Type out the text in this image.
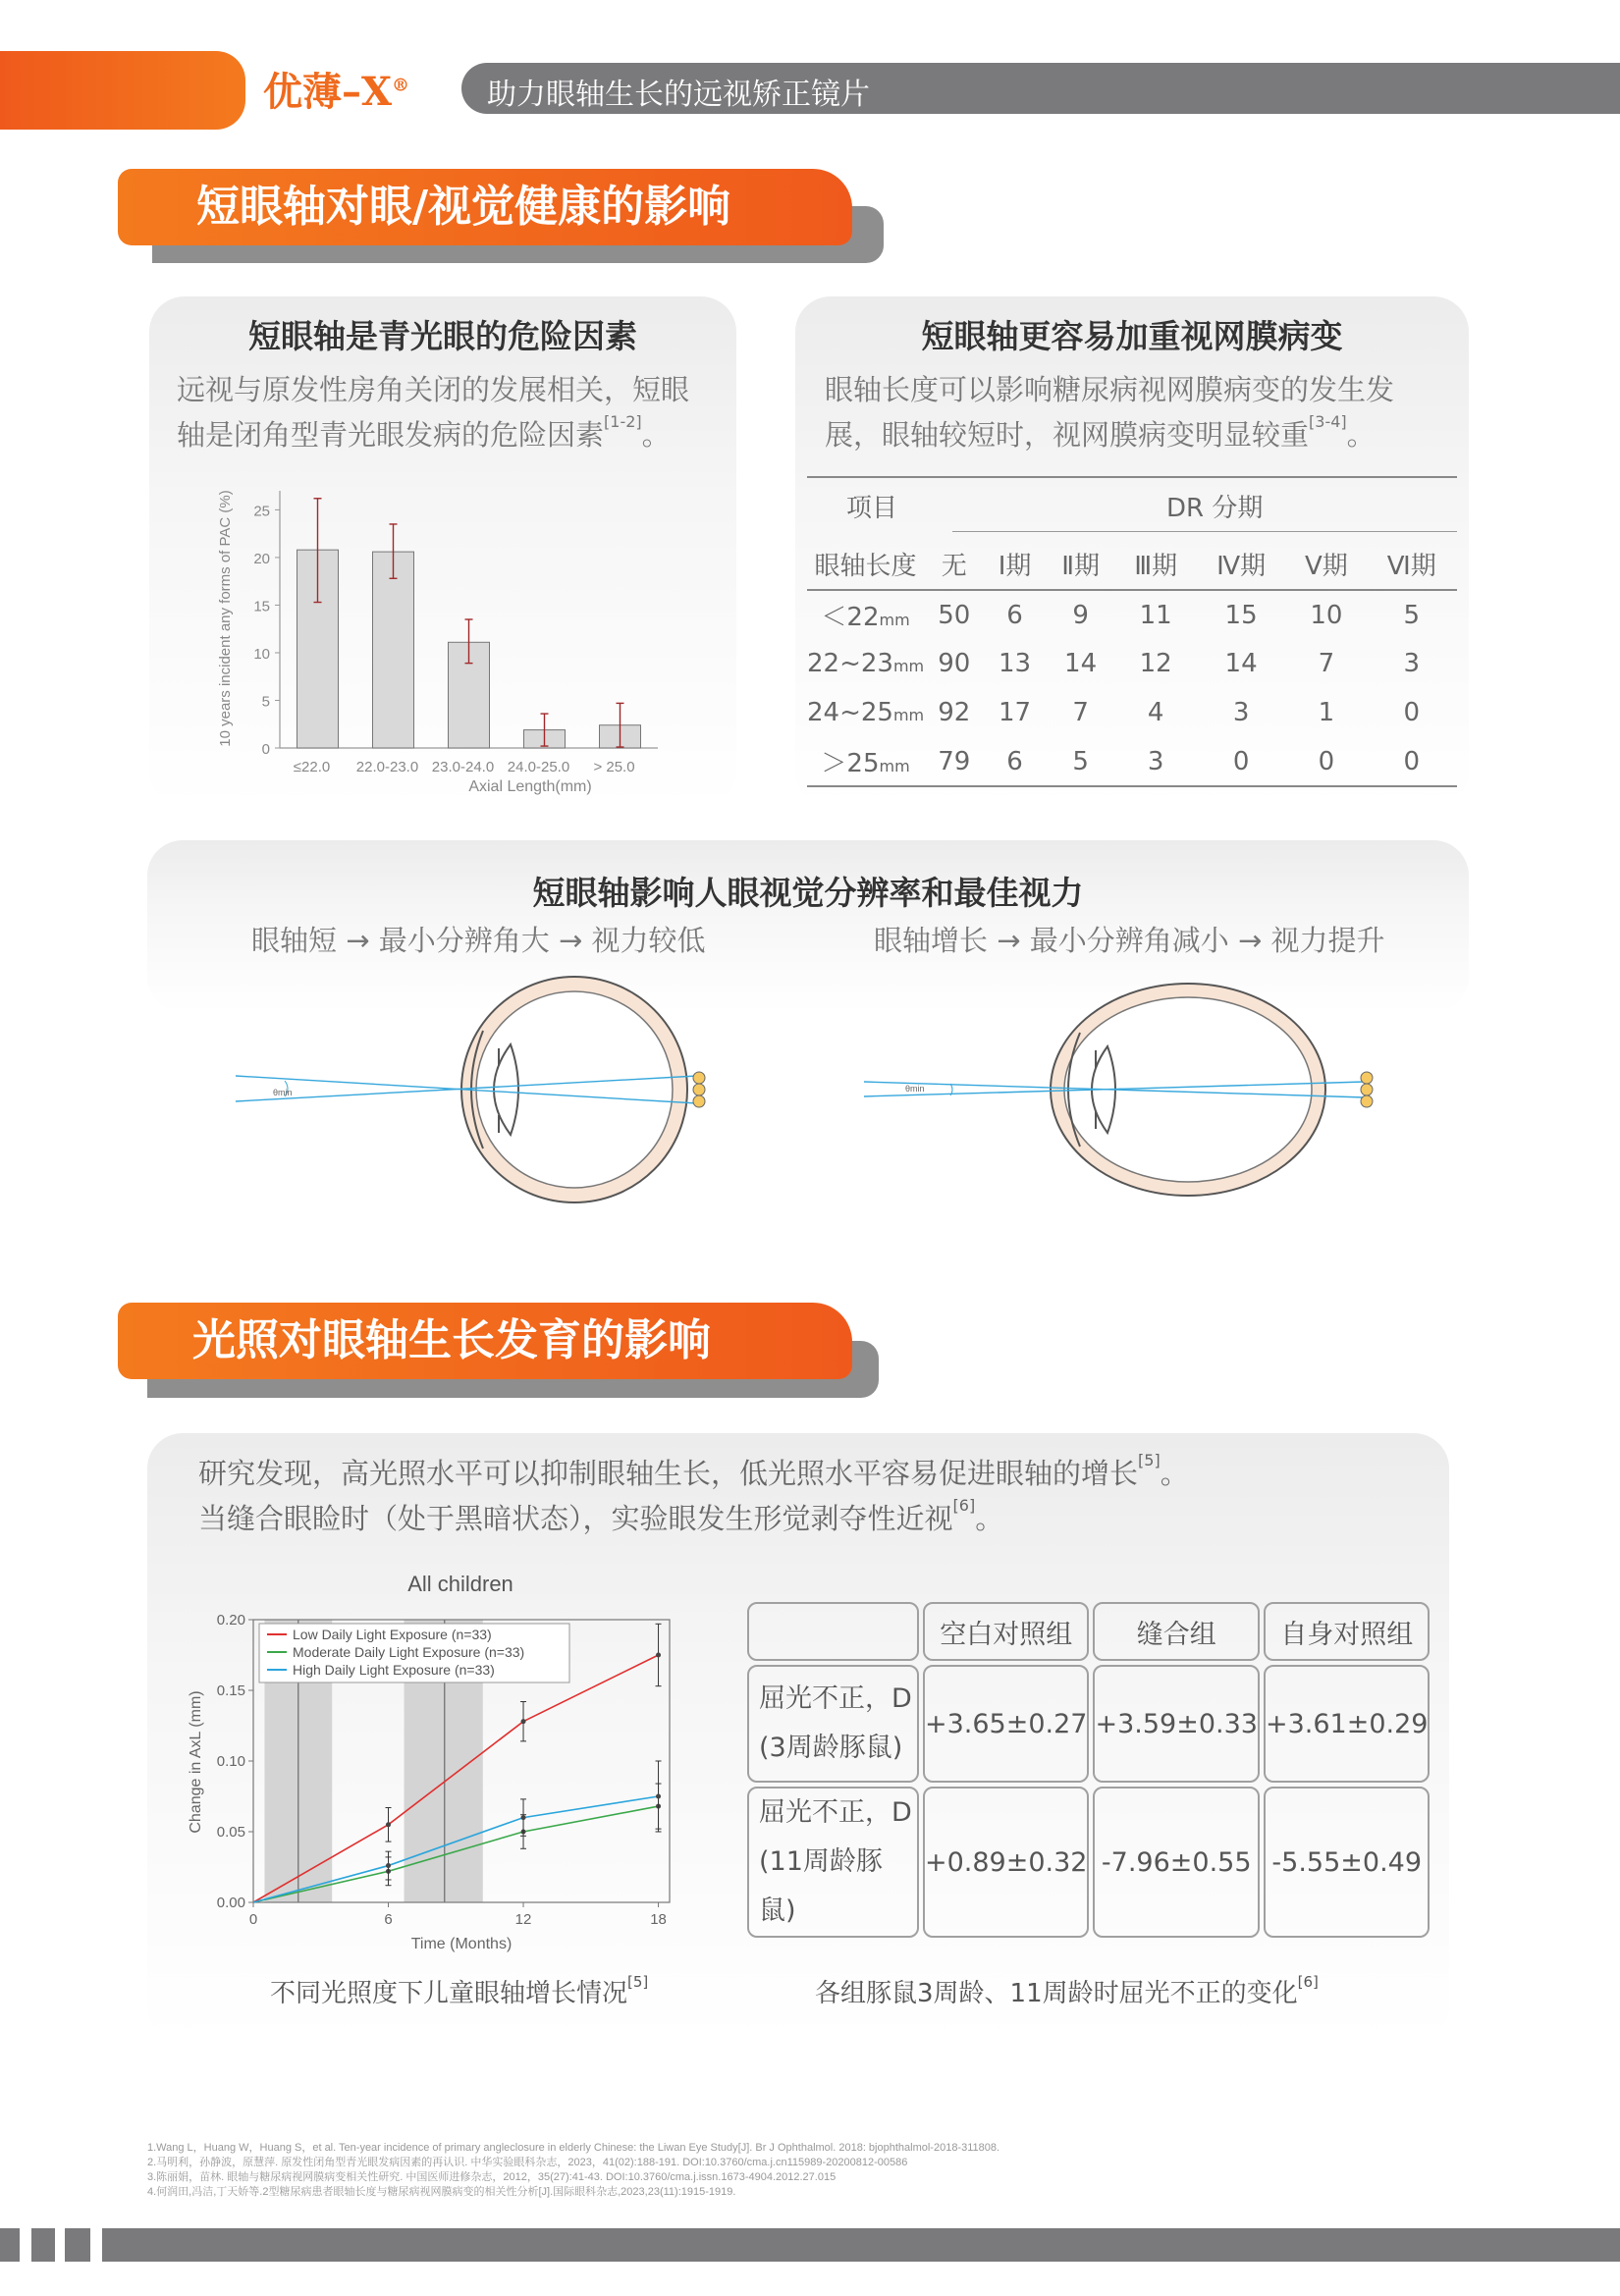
优薄–X®	助力眼轴生长的远视矫正镜片
短眼轴对眼/视觉健康的影响
短眼轴是青光眼的危险因素
远视与原发性房角关闭的发展相关，短眼
轴是闭角型青光眼发病的危险因素[1-2]。
0
5
10
15
20
25
≤22.0 22.0-23.0 23.0-24.0 24.0-25.0 > 25.0
Axial Length(mm)
10 years incident any forms of PAC (%)
短眼轴更容易加重视网膜病变
眼轴长度可以影响糖尿病视网膜病变的发生发
展，眼轴较短时，视网膜病变明显较重[3-4]。
项目	DR 分期
眼轴长度	无	Ⅰ期	Ⅱ期	Ⅲ期	Ⅳ期	Ⅴ期	Ⅵ期
＜22mm	50	6	9	11	15	10	5
22~23mm	90	13	14	12	14	7	3
24~25mm	92	17	7	4	3	1	0
＞25mm	79	6	5	3	0	0	0
短眼轴影响人眼视觉分辨率和最佳视力
眼轴短 → 最小分辨角大 → 视力较低	眼轴增长 → 最小分辨角减小 → 视力提升
θmin	θmin
光照对眼轴生长发育的影响
研究发现，高光照水平可以抑制眼轴生长，低光照水平容易促进眼轴的增长[5]。
当缝合眼睑时（处于黑暗状态），实验眼发生形觉剥夺性近视[6]。
All children
0.00
0.05
0.10
0.15
0.20
0	6	12	18
Low Daily Light Exposure (n=33)
Moderate Daily Light Exposure (n=33)
High Daily Light Exposure (n=33)
Time (Months)
Change in AxL (mm)
不同光照度下儿童眼轴增长情况[5]
	空白对照组	缝合组	自身对照组

屈光不正，D
(3周龄豚鼠)	+3.65±0.27	+3.59±0.33	+3.61±0.29

屈光不正，D
(11周龄豚鼠)	+0.89±0.32	-7.96±0.55	-5.55±0.49
各组豚鼠3周龄、11周龄时屈光不正的变化[6]
1.Wang L，Huang W，Huang S，et al. Ten-year incidence of primary angleclosure in elderly Chinese: the Liwan Eye Study[J]. Br J Ophthalmol. 2018: bjophthalmol-2018-311808.
2.马明利，孙静波，原慧萍. 原发性闭角型青光眼发病因素的再认识. 中华实验眼科杂志，2023，41(02):188-191. DOI:10.3760/cma.j.cn115989-20200812-00586
3.陈丽娟，苗林. 眼轴与糖尿病视网膜病变相关性研究. 中国医师进修杂志，2012，35(27):41-43. DOI:10.3760/cma.j.issn.1673-4904.2012.27.015
4.何润田,冯洁,丁天娇等.2型糖尿病患者眼轴长度与糖尿病视网膜病变的相关性分析[J].国际眼科杂志,2023,23(11):1915-1919.
